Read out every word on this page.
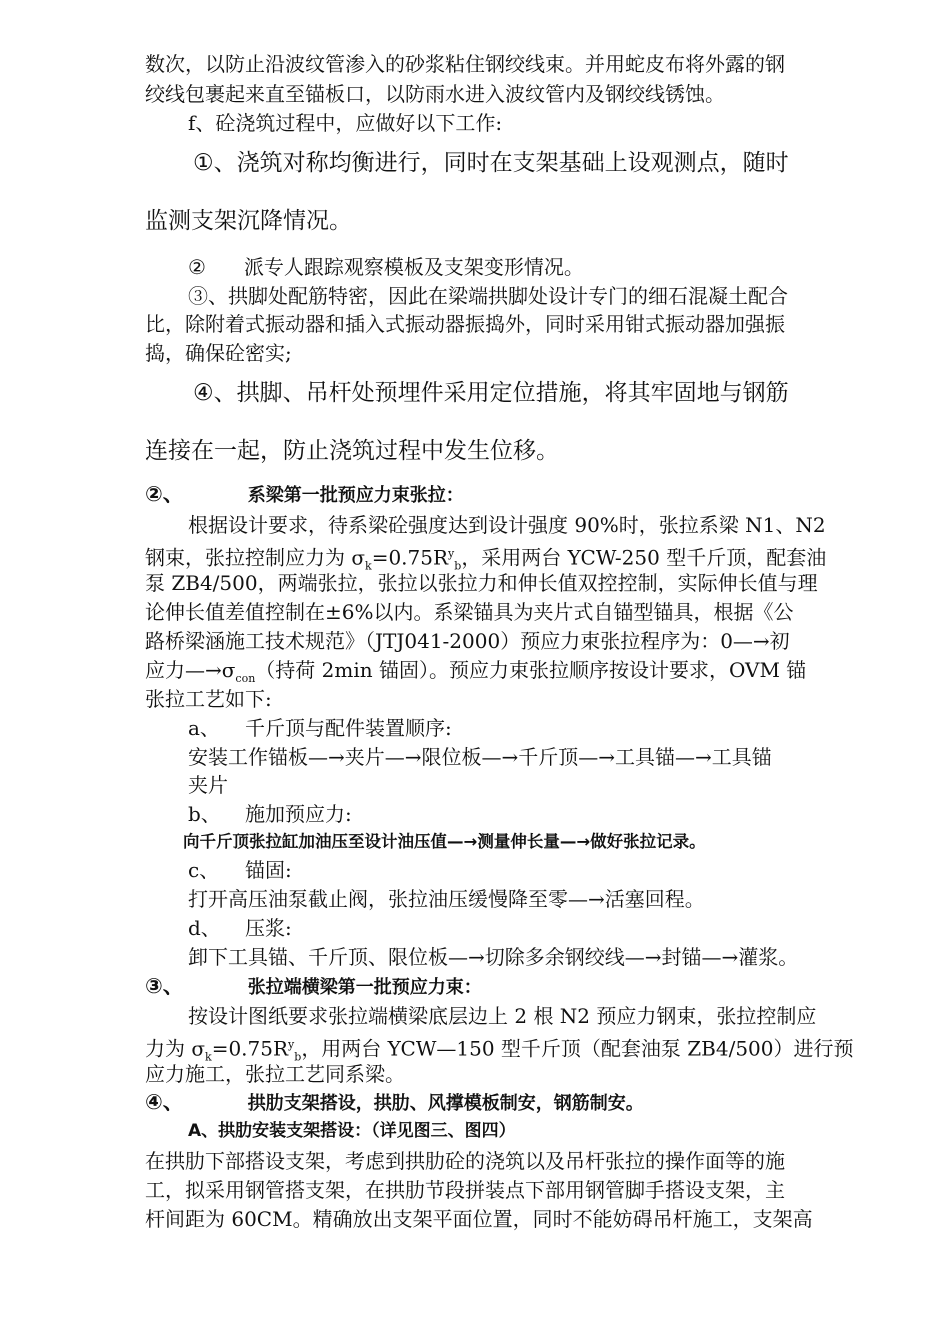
数次，以防止沿波纹管渗入的砂浆粘住钢绞线束。并用蛇皮布将外露的钢
绞线包裹起来直至锚板口，以防雨水进入波纹管内及钢绞线锈蚀。
f、砼浇筑过程中，应做好以下工作:
①、浇筑对称均衡进行，同时在支架基础上设观测点，随时
监测支架沉降情况。
② 派专人跟踪观察模板及支架变形情况。
③、拱脚处配筋特密，因此在梁端拱脚处设计专门的细石混凝土配合
比，除附着式振动器和插入式振动器振捣外，同时采用钳式振动器加强振
捣，确保砼密实;
④、拱脚、吊杆处预埋件采用定位措施，将其牢固地与钢筋
连接在一起，防止浇筑过程中发生位移。
②、	系梁第一批预应力束张拉：
根据设计要求，待系梁砼强度达到设计强度 90%时，张拉系梁 N1、N2
钢束，张拉控制应力为 $\sigma_k=0.75R^y_b$，采用两台 YCW-250 型千斤顶，配套油
泵 ZB4/500，两端张拉，张拉以张拉力和伸长值双控控制，实际伸长值与理
论伸长值差值控制在±6%以内。系梁锚具为夹片式自锚型锚具，根据《公
路桥梁涵施工技术规范》（JTJ041-2000）预应力束张拉程序为：0—→初
应力$—\to\sigma_{con}$（持荷 2min 锚固）。预应力束张拉顺序按设计要求，OVM 锚
张拉工艺如下:
a、 千斤顶与配件装置顺序:
安装工作锚板—→夹片—→限位板—→千斤顶—→工具锚—→工具锚
夹片
b、 施加预应力:
向千斤顶张拉缸加油压至设计油压值—→测量伸长量—→做好张拉记录。
c、 锚固:
打开高压油泵截止阀，张拉油压缓慢降至零—→活塞回程。
d、 压浆:
卸下工具锚、千斤顶、限位板—→切除多余钢绞线—→封锚—→灌浆。
③、	张拉端横梁第一批预应力束：
按设计图纸要求张拉端横梁底层边上 2 根 N2 预应力钢束，张拉控制应
力为 $\sigma_k=0.75R^y_b$，用两台 YCW—150 型千斤顶（配套油泵 ZB4/500）进行预
应力施工，张拉工艺同系梁。
④、	拱肋支架搭设，拱肋、风撑模板制安，钢筋制安。
A、拱肋安装支架搭设：（详见图三、图四）
在拱肋下部搭设支架，考虑到拱肋砼的浇筑以及吊杆张拉的操作面等的施
工，拟采用钢管搭支架，在拱肋节段拼装点下部用钢管脚手搭设支架，主
杆间距为 60CM。精确放出支架平面位置，同时不能妨碍吊杆施工，支架高
